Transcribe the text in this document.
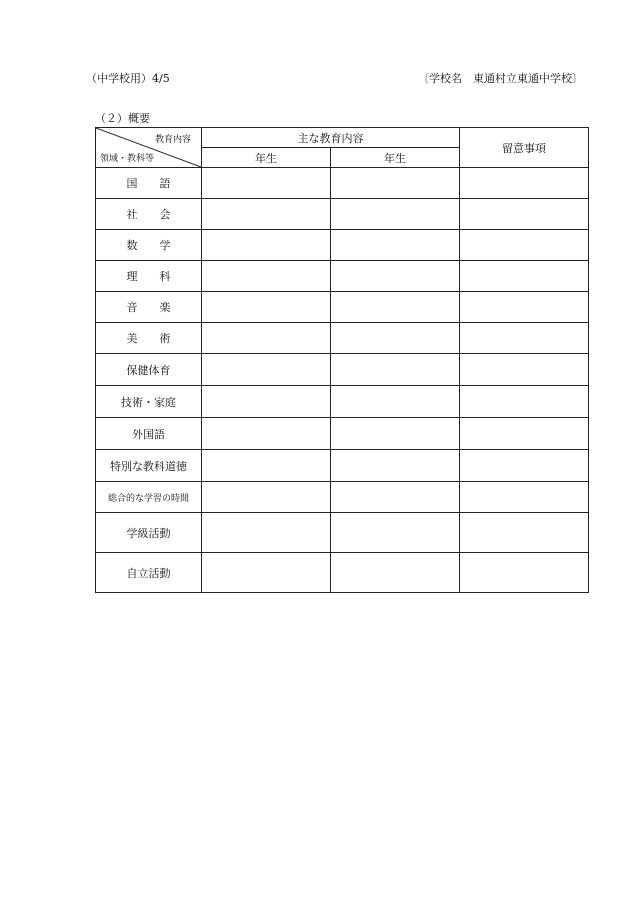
（中学校用）4/5	〔学校名　東通村立東通中学校〕
（２）概要
教育内容
領域・教科等	主な教育内容		留意事項
	年生	年生	
国　　語			
社　　会			
数　　学			
理　　科			
音　　楽			
美　　術			
保健体育			
技術・家庭			
外国語			
特別な教科道徳			
総合的な学習の時間			
学級活動			
自立活動			
